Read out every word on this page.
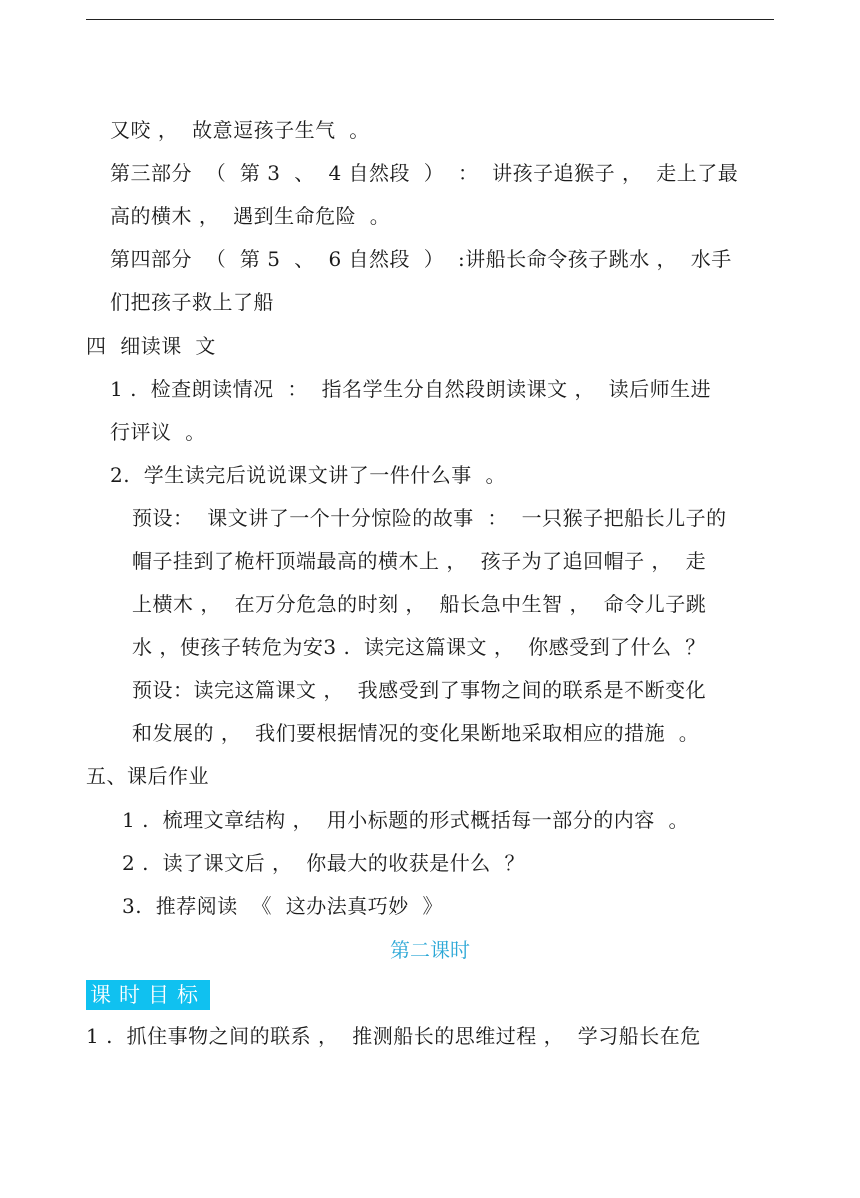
又咬 ，  故意逗孩子生气  。
第三部分  （  第 3  、  4 自然段  ）  ：  讲孩子追猴子 ，  走上了最
高的横木 ，  遇到生命危险  。
第四部分  （  第 5  、  6 自然段  ）  :讲船长命令孩子跳水 ，  水手
们把孩子救上了船
四  细读课  文
1 .  检查朗读情况  ：  指名学生分自然段朗读课文 ，  读后师生进
行评议  。
2.  学生读完后说说课文讲了一件什么事  。
预设：  课文讲了一个十分惊险的故事  ：  一只猴子把船长儿子的
帽子挂到了桅杆顶端最高的横木上 ，  孩子为了追回帽子 ，  走
上横木 ，  在万分危急的时刻 ，  船长急中生智 ，  命令儿子跳
水 ，使孩子转危为安3 .  读完这篇课文 ，  你感受到了什么  ？
预设：读完这篇课文 ，  我感受到了事物之间的联系是不断变化
和发展的 ，  我们要根据情况的变化果断地采取相应的措施  。
五、课后作业
1 .  梳理文章结构 ，  用小标题的形式概括每一部分的内容  。
2 .  读了课文后 ，  你最大的收获是什么  ？
3.  推荐阅读  《  这办法真巧妙  》
第二课时
课时目标
1 .  抓住事物之间的联系 ，  推测船长的思维过程 ，  学习船长在危
